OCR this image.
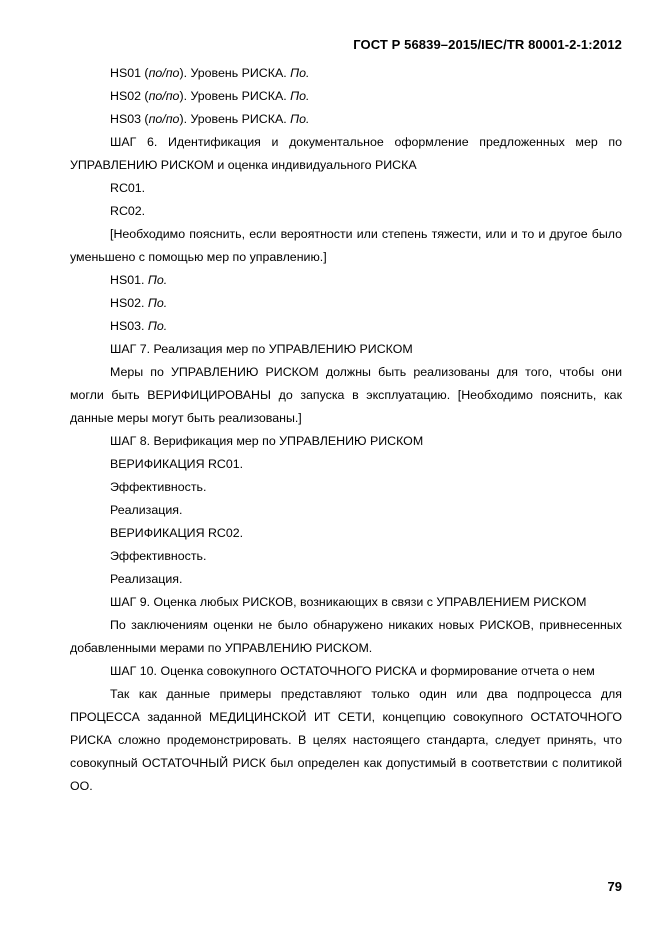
ГОСТ Р 56839–2015/IEC/TR 80001-2-1:2012

HS01 (по/по). Уровень РИСКА. По.

HS02 (по/по). Уровень РИСКА. По.

HS03 (по/по). Уровень РИСКА. По.

ШАГ 6. Идентификация и документальное оформление предложенных мер по УПРАВЛЕНИЮ РИСКОМ и оценка индивидуального РИСКА

RC01.

RC02.

[Необходимо пояснить, если вероятности или степень тяжести, или и то и другое было уменьшено с помощью мер по управлению.]

HS01. По.

HS02. По.

HS03. По.

ШАГ 7. Реализация мер по УПРАВЛЕНИЮ РИСКОМ

Меры по УПРАВЛЕНИЮ РИСКОМ должны быть реализованы для того, чтобы они могли быть ВЕРИФИЦИРОВАНЫ до запуска в эксплуатацию. [Необходимо пояснить, как данные меры могут быть реализованы.]

ШАГ 8. Верификация мер по УПРАВЛЕНИЮ РИСКОМ

ВЕРИФИКАЦИЯ RC01.

Эффективность.

Реализация.

ВЕРИФИКАЦИЯ RC02.

Эффективность.

Реализация.

ШАГ 9. Оценка любых РИСКОВ, возникающих в связи с УПРАВЛЕНИЕМ РИСКОМ

По заключениям оценки не было обнаружено никаких новых РИСКОВ, привнесенных добавленными мерами по УПРАВЛЕНИЮ РИСКОМ.

ШАГ 10. Оценка совокупного ОСТАТОЧНОГО РИСКА и формирование отчета о нем

Так как данные примеры представляют только один или два подпроцесса для ПРОЦЕССА заданной МЕДИЦИНСКОЙ ИТ СЕТИ, концепцию совокупного ОСТАТОЧНОГО РИСКА сложно продемонстрировать. В целях настоящего стандарта, следует принять, что совокупный ОСТАТОЧНЫЙ РИСК был определен как допустимый в соответствии с политикой ОО.

79
